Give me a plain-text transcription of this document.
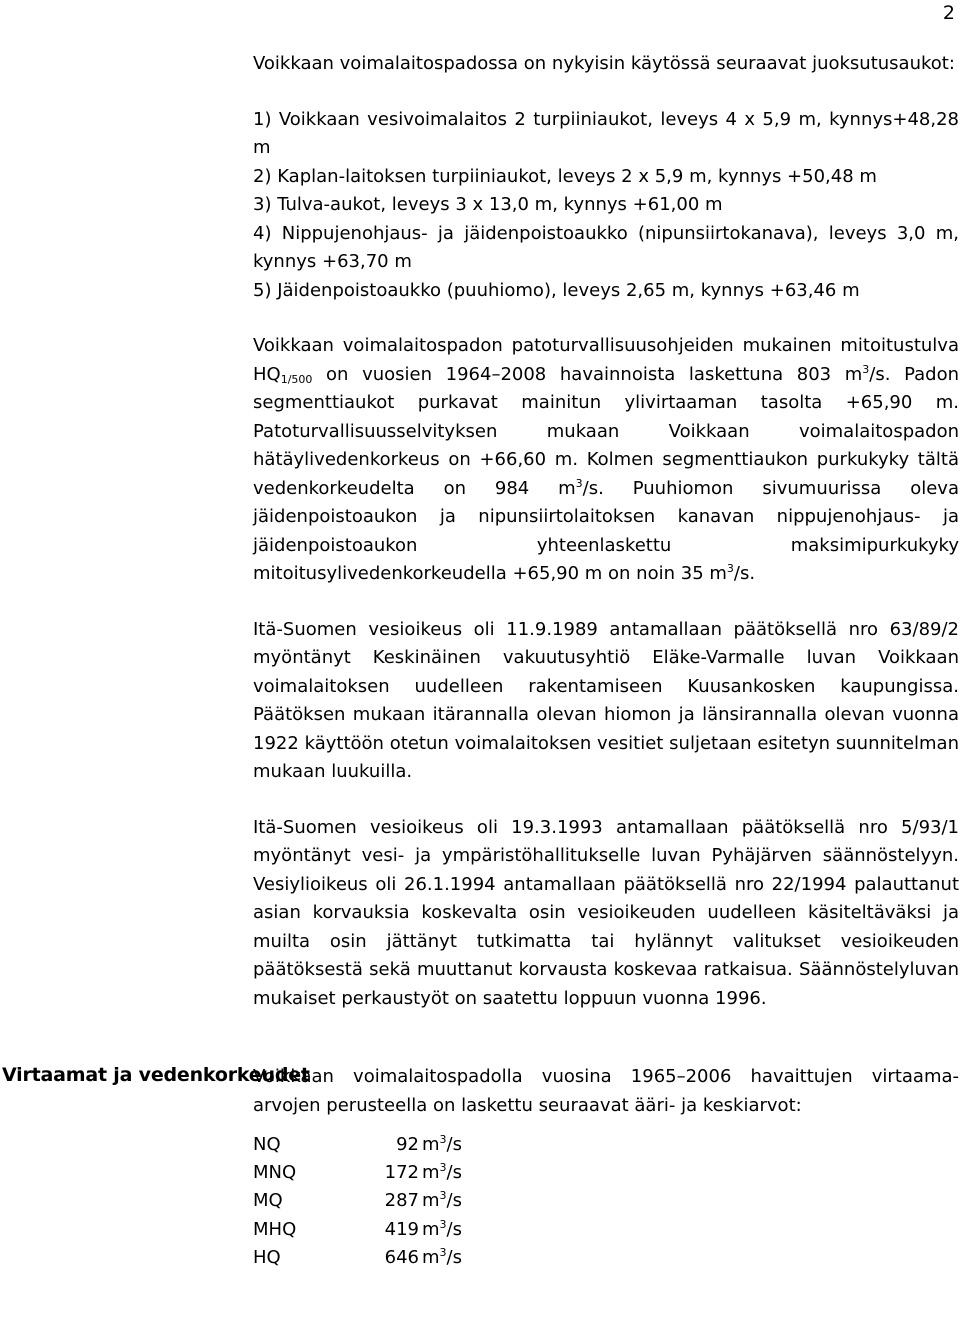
2
Virtaamat ja vedenkorkeudet

Voikkaan voimalaitospadossa on nykyisin käytössä seuraavat juoksutusaukot:

1) Voikkaan vesivoimalaitos 2 turpiiniaukot, leveys 4 x 5,9 m, kynnys+48,28 m
2) Kaplan-laitoksen turpiiniaukot, leveys 2 x 5,9 m, kynnys +50,48 m
3) Tulva-aukot, leveys 3 x 13,0 m, kynnys +61,00 m
4) Nippujenohjaus- ja jäidenpoistoaukko (nipunsiirtokanava), leveys 3,0 m, kynnys +63,70 m
5) Jäidenpoistoaukko (puuhiomo), leveys 2,65 m, kynnys +63,46 m

Voikkaan voimalaitospadon patoturvallisuusohjeiden mukainen mitoitustulva $HQ_{1/500}$ on vuosien 1964–2008 havainnoista laskettuna 803 $m^3/s$. Padon segmenttiaukot purkavat mainitun ylivirtaaman tasolta +65,90 m. Patoturvallisuusselvityksen mukaan Voikkaan voimalaitospadon hätäylivedenkorkeus on +66,60 m. Kolmen segmenttiaukon purkukyky tältä vedenkorkeudelta on 984 $m^3/s$. Puuhiomon sivumuurissa oleva jäidenpoistoaukon ja nipunsiirtolaitoksen kanavan nippujenohjaus- ja jäidenpoistoaukon yhteenlaskettu maksimipurkukyky mitoitusylivedenkorkeudella +65,90 m on noin 35 $m^3/s$.

Itä-Suomen vesioikeus oli 11.9.1989 antamallaan päätöksellä nro 63/89/2 myöntänyt Keskinäinen vakuutusyhtiö Eläke-Varmalle luvan Voikkaan voimalaitoksen uudelleen rakentamiseen Kuusankosken kaupungissa. Päätöksen mukaan itärannalla olevan hiomon ja länsirannalla olevan vuonna 1922 käyttöön otetun voimalaitoksen vesitiet suljetaan esitetyn suunnitelman mukaan luukuilla.

Itä-Suomen vesioikeus oli 19.3.1993 antamallaan päätöksellä nro 5/93/1 myöntänyt vesi- ja ympäristöhallitukselle luvan Pyhäjärven säännöstelyyn. Vesiylioikeus oli 26.1.1994 antamallaan päätöksellä nro 22/1994 palauttanut asian korvauksia koskevalta osin vesioikeuden uudelleen käsiteltäväksi ja muilta osin jättänyt tutkimatta tai hylännyt valitukset vesioikeuden päätöksestä sekä muuttanut korvausta koskevaa ratkaisua. Säännöstelyluvan mukaiset perkaustyöt on saatettu loppuun vuonna 1996.

Voikkaan voimalaitospadolla vuosina 1965–2006 havaittujen virtaama-arvojen perusteella on laskettu seuraavat ääri- ja keskiarvot:

NQ	92	$m^3/s$
MNQ	172	$m^3/s$
MQ	287	$m^3/s$
MHQ	419	$m^3/s$
HQ	646	$m^3/s$
